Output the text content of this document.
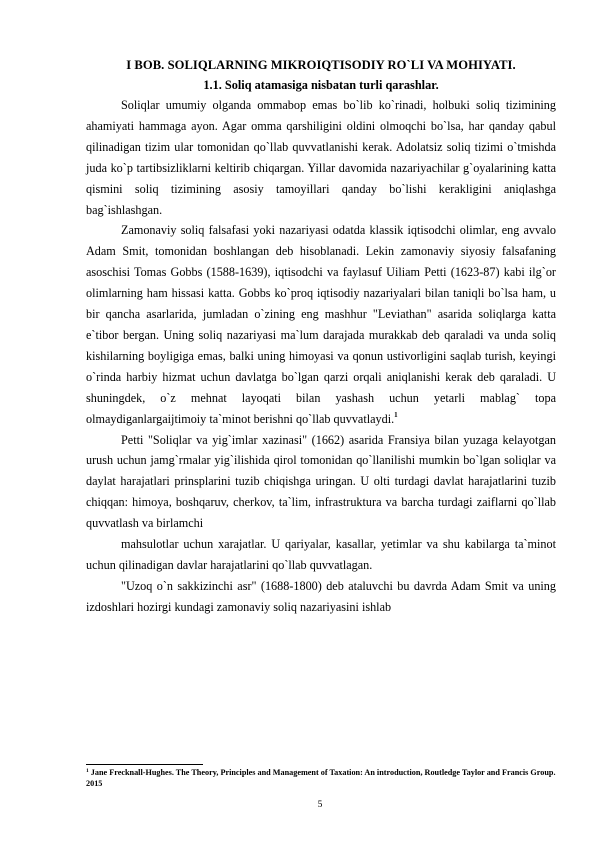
I BOB. SOLIQLARNING MIKROIQTISODIY RO`LI VA MOHIYATI.
1.1. Soliq atamasiga nisbatan turli qarashlar.

Soliqlar umumiy olganda ommabop emas bo`lib ko`rinadi, holbuki soliq tizimining ahamiyati hammaga ayon. Agar omma qarshiligini oldini olmoqchi bo`lsa, har qanday qabul qilinadigan tizim ular tomonidan qo`llab quvvatlanishi kerak. Adolatsiz soliq tizimi o`tmishda juda ko`p tartibsizliklarni keltirib chiqargan. Yillar davomida nazariyachilar g`oyalarining katta qismini soliq tizimining asosiy tamoyillari qanday bo`lishi kerakligini aniqlashga bag`ishlashgan.

Zamonaviy soliq falsafasi yoki nazariyasi odatda klassik iqtisodchi olimlar, eng avvalo Adam Smit, tomonidan boshlangan deb hisoblanadi. Lekin zamonaviy siyosiy falsafaning asoschisi Tomas Gobbs (1588-1639), iqtisodchi va faylasuf Uiliam Petti (1623-87) kabi ilg`or olimlarning ham hissasi katta. Gobbs ko`proq iqtisodiy nazariyalari bilan taniqli bo`lsa ham, u bir qancha asarlarida, jumladan o`zining eng mashhur "Leviathan" asarida soliqlarga katta e`tibor bergan. Uning soliq nazariyasi ma`lum darajada murakkab deb qaraladi va unda soliq kishilarning boyligiga emas, balki uning himoyasi va qonun ustivorligini saqlab turish, keyingi o`rinda harbiy hizmat uchun davlatga bo`lgan qarzi orqali aniqlanishi kerak deb qaraladi. U shuningdek, o`z mehnat layoqati bilan yashash uchun yetarli mablag` topa olmaydiganlargaijtimoiy ta`minot berishni qo`llab quvvatlaydi.$^1$

Petti "Soliqlar va yig`imlar xazinasi" (1662) asarida Fransiya bilan yuzaga kelayotgan urush uchun jamg`rmalar yig`ilishida qirol tomonidan qo`llanilishi mumkin bo`lgan soliqlar va daylat harajatlari prinsplarini tuzib chiqishga uringan. U olti turdagi davlat harajatlarini tuzib chiqqan: himoya, boshqaruv, cherkov, ta`lim, infrastruktura va barcha turdagi zaiflarni qo`llab quvvatlash va birlamchi

mahsulotlar uchun xarajatlar. U qariyalar, kasallar, yetimlar va shu kabilarga ta`minot uchun qilinadigan davlar harajatlarini qo`llab quvvatlagan.

"Uzoq o`n sakkizinchi asr" (1688-1800) deb ataluvchi bu davrda Adam Smit va uning izdoshlari hozirgi kundagi zamonaviy soliq nazariyasini ishlab

$^1$ Jane Frecknall-Hughes. The Theory, Principles and Management of Taxation: An introduction, Routledge Taylor and Francis Group. 2015
5
